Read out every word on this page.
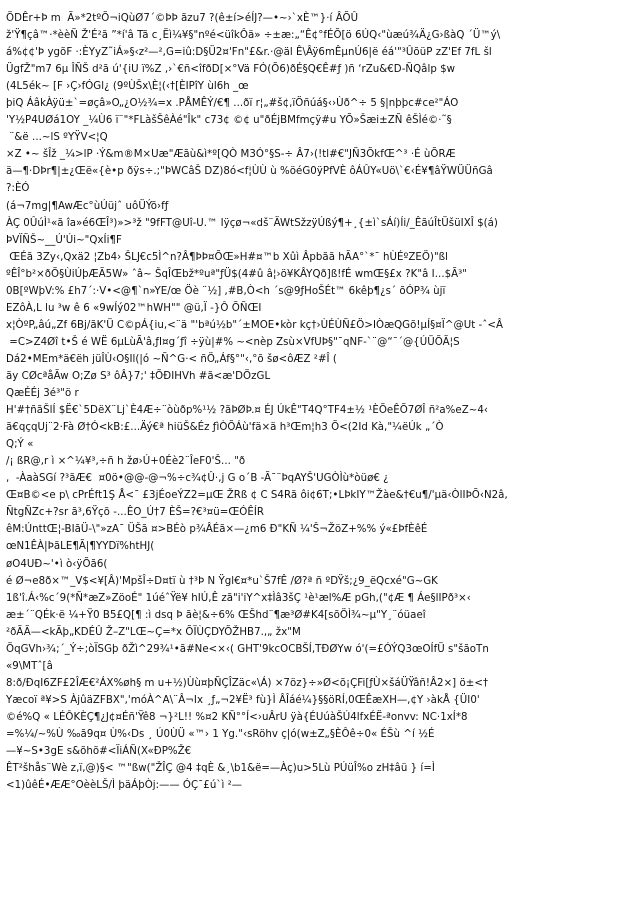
ÖDÊr+Þ m  Ã»*2tºÕ¬iQùØ7´©ÞÞ ãzu7 ?(ê±í>éÍJ?—•~›`xÈ™}·í ÂÕÛ
ž'Ÿ¶çâ™·*èèÑ Ž'É²ã ”*í'â Tã c¸Ëì¼¥§"nºé<üîkÔä» ÷±æ:„“Ê¢°fÉÕ[ö 6ÚQ‹"ùæú¾Ä¿G›ßàQ ´Ü™ý\
á%¢¢'Þ ygõF ·:ÈYyZ˜iÁ»§‹z²—²,G=iû:D§Ü2¤'Fn"£&r.·@äl Ê\Âÿ6mÊµnÚ6|ë éá'"³ÛõüP zZ'Ef 7fL šl
ÜgfŽ"m7 6µ ÎÑŠ d²ã ú'{iU ï%Z ,›`€ñ<îfðD[×°Vä FÓ(Õ6)ðÉ§Q€Ê#ƒ )ñ ‘rZu&€D-ÑQâlp $w
(4L5ék~ [F ›Ç›fÓGl¿ (9ºÙŠx\È¦(‹†[ÈIPîY ùl6h _œ
þiQ ÁâkÀÿü±`=øçâ»O„¿O½¾=x .PÅMÊÝ/€¶ ...ðï r¦„#š¢,ïÖñúá§‹›Ùð^÷ 5 §|nþþc#ce²"ÁO
'Y½P4UØá1OY _¼Ù6 ï¨"*FLàšŠêÀé"Îk" c73¢ ©¢ u"ðÉjBMfmçÿ#u YÕ»Šæi±ZÑ êŠÌé©·˜§
¨&ë ...~lS ºYŸV<¦Q
×Z •~ šÎž _¼>lP ·Ý&m®M×Uæ"Æãù&ì*º[QÒ M3Ó°§S-÷ Â7›(!tl#€"JÑ3ÕkfŒ^³ ·É ùÕRÆ
ä—¶·DÞr¶|±¿Œë«{è•p ðÿs÷.;"ÞWCâŠ DZ)8ó<f¦ÙÙ ù %öéG0ÿPfVÈ ôÁÛY«Uö\`€‹É¥¶âŸWÜÜñGâ
?:ÈÓ
(á¬7mg|¶AwÆc°ùÚüjˆ uôÜÝõ›fƒ
ÀÇ 0ÛúÌ¹«ã îa»é6ŒÎ³)»>³ž "9fFT@Uî-U.™ Iÿçø¬«dš¨ÄWtSžzÿÚßý¶+¸{±ì`sÁí)Íi/_ÊãúÎtÜšüIXÎ $(á)
ÞVÏÑŠ~__Ú'Úi~"QxÍi¶F
ŒÉã 3Zy‹,Qxä2 ¦Zb4› ŠǇ€c5Ì^n?Â¶ÞÞ¤ÕŒ»H#¤™b Xûì Âpbãã hÃA°`*¯ hÙÉºZEÖ)"ßl
ºÊÎ°b²×ðÕ§ÙiÚþÆÃ5W» ˆâ~ ŠqÎŒbž*ºuª"ƒÜ$(4#û â¦›ö¥KÂYQð]ß!fÉ wmŒ§£x ?K"â I...$Ã³"
0B[ºWþV:% £h7´:·V•<@¶`n»YE/œ Öè ¨½] ,#B,Ò<h ´s@9ƒHoŠÉt™ 6kêþ¶¿s´ õÓP¾ ùjï
EZôÀ,L lu ³w ê 6 «9wÍý02™hWH"" @ü,Ï -}Ô ÕÑŒI
x¦ÒºP„âú„Zf 6Bj/ãK'Ü C©pÁ{iu,<¨ä "'bªú½b"´±MOE•kòr kç†›ÙÉÙÑ£Ö>IÒæQGõ!µÍ§¤Ï^@Ut -ˆ<Â
=C>Z4Øî t•Š é WË 6µLùÃ'â,ƒI¤g´ƒî ÷ÿù|#% ~<nèp Zsù×VfUÞ§"¯qNF-`¨@“¯´@{ÚÜÕÃ¦S
Dá2•MEm*ä€ëh jüÎÙ‹O§Il(|ó ~Ñ^G·< ñÖ„Áf§°"‹,°õ šø<ôÆZ ²#Î (
ãy CØcªåÃw O;Zø S³ ôÂ}7;' ‡ÕÐIHVh #ã<æ'DÖzGL
QæÉÉj 3é³"ö r
H'#†ñãŠlÍ $Ë€`5DëX¨Lj`È4Æ÷¨òùðp%¹½ ?ãÞØÞ.¤ ÉJ ÚkÊ"T4Q°TF4±½ ¹ÈÕeÊÕ7ØÎ ñ²a%eZ~4‹
ã€qçqUj¨2·Fà Ø†Ó<kB:£...Äý€ª hiüŠ&Éz ƒìÒÕÁù'fä×ä h³Œm¦h3 Õ<(2Id Kà,"¼ëÚk „´Ò
Q;Ý «
/¡ ßR@,r ì ×^¼¥³,÷ñ h žø›Ú+0Éè2¨ÎeF0'Š... "ð
,  -ÀaàSGí ?³ãÆ€  ¤0ö•@@-@¬%÷c¾¢Û·,j G o´B -Ã¯¨ÞqAYŠ'UGÒÌù*òüø€ ¿
Œ¤B©<e p\ cPrÉft1Ş Å<¯ £3jÉoeÝZ2=µŒ ŽRß ¢ C S4Rã ôi¢6T;•LÞkIY™Žàe&†€u¶/'µä‹ÒlIÞÕ‹N2â,
ÑtgÑZc+?sr ã³‚6Ÿçõ -...ÊO_Ú†7 ÈŠ=?€³¤ü=ŒÓÊÍR
êM:ÚnttŒ¦-BIãÜ-\"»zA¯ ÜŠã ¤>BÉò p¾ÂÉã×—¿m6 Ð"KÑ ¼'Š¬ŽöZ+%% ý«£ÞfÈêÉ
œN1ÊÀ|ÞãLE¶Ã|¶YYDï%htHJ(
øO4UÐ~'•ì ò‹ÿÕã6(
é Ø¬e8ð×™_V$<¥[Â)'MpšÎ÷D¤tï ù †³Þ N Ÿgl€¤*u`Š7fÊ /Ø?ª ñ ºDŸš;¿9_ëQcxé"G~GK
1ß'î.Á‹%c´9(*Ñ*æZ»ZöoÉ" 1úéˆŸë¥ hIÚ,Ê zã"i'iY^x‡Ìâ3šÇ ¹è¹æl%Æ pGh,("¢Æ ¶ Áe§lIPð³×‹
æ±´¨QÉk·ë ¼+Ÿ0 B5£Q[¶ :ì dsq Þ ãè¦&÷6% ŒŠhd¨¶æ³Ø#K4[sõÖÌ¾~µ"Y¸¨óüaeî
²ðÃÃ—<kÃþ„KDÉÛ Ž–Z"LŒ~Ç=*x ÕÏÙÇDYÕŽHB7.,„ žx"M
ÖqGVh›¾;´_Ý÷;òÏSGþ ðŽì^29¾¹•ã#Ne<×‹( GHT'9kcOCBŠÍ,TÐØYw ó'(=£ÓÝQ3œOÍfÜ s"šãoTn
«9\MTˆ[â
8:ð/ÐqI6ZF£2ÎÆ€²ÁX%øh§ m u+½)Ùù¤þÑÇÎZäc«\Á) ×7öz}÷»Ø<õ¡ÇFi[ƒÙ×šáÜŸâñ!Â2×] ö±<†
Yæcoï ª¥>S ÀjûäZFBX",'móÀ^A\¨Â¬Ix ¸ƒ„¬2¥Ë³ fù}Ì ÂÎáé¼}§§öRÍ,0ŒÊæXH—,¢Y ›àkÅ {ÜI0'
©é%Q « LÉÔKÈÇ¶¿J¢¤Éñ'Ÿê8 ¬}²L!! %¤2 KÑ°°Í<›uÂrU ÿà{ÉUúàŠÚ4lfxÉË-ªonvv: NC·1xÍ*8
=%¼/~%Ù ‰ã9q¤ Ù%‹Ds ¸ Ú0ÙÜ «™› 1 Yg."‹sRöhv ç|ó(w±Z„§ÈÔê÷0« ÉŠù ^í ½É
—¥~S•3gE s&õhõ#<ÏiÁÑ(X«ÐP%Ž€
ÊT²šhås¨Wè z,ï,@)§< ™"ßw("ŽÎÇ @4 ‡qÈ &¸\b1&ë=—Àç)u>5Lù PÚüÎ%o zH‡âü } í=Ì
<1)ûêÉ•ÆÆ°OèèLŠ/Ì þäÁþÒj:—— ÓÇ¯£ú`ì ²—
